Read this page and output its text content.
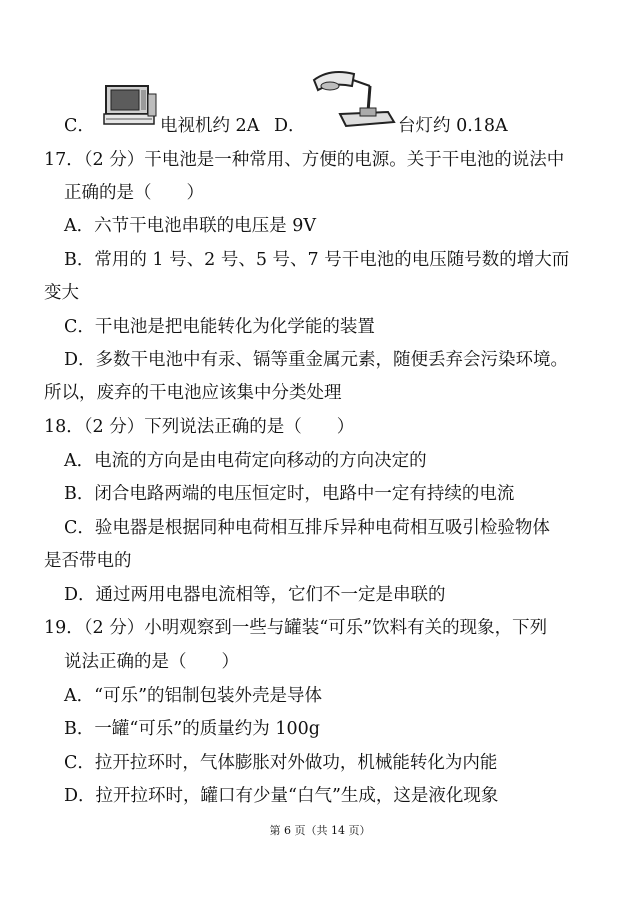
C．	电视机约 2A D．	台灯约 0.18A
17．（2 分）干电池是一种常用、方便的电源。关于干电池的说法中
正确的是（　　）
A．六节干电池串联的电压是 9V
B．常用的 1 号、2 号、5 号、7 号干电池的电压随号数的增大而
变大
C．干电池是把电能转化为化学能的装置
D．多数干电池中有汞、镉等重金属元素，随便丢弃会污染环境。
所以，废弃的干电池应该集中分类处理
18．（2 分）下列说法正确的是（　　）
A．电流的方向是由电荷定向移动的方向决定的
B．闭合电路两端的电压恒定时，电路中一定有持续的电流
C．验电器是根据同种电荷相互排斥异种电荷相互吸引检验物体
是否带电的
D．通过两用电器电流相等，它们不一定是串联的
19．（2 分）小明观察到一些与罐装“可乐”饮料有关的现象，下列
说法正确的是（　　）
A．“可乐”的铝制包装外壳是导体
B．一罐“可乐”的质量约为 100g
C．拉开拉环时，气体膨胀对外做功，机械能转化为内能
D．拉开拉环时，罐口有少量“白气”生成，这是液化现象
第 6 页（共 14 页）
